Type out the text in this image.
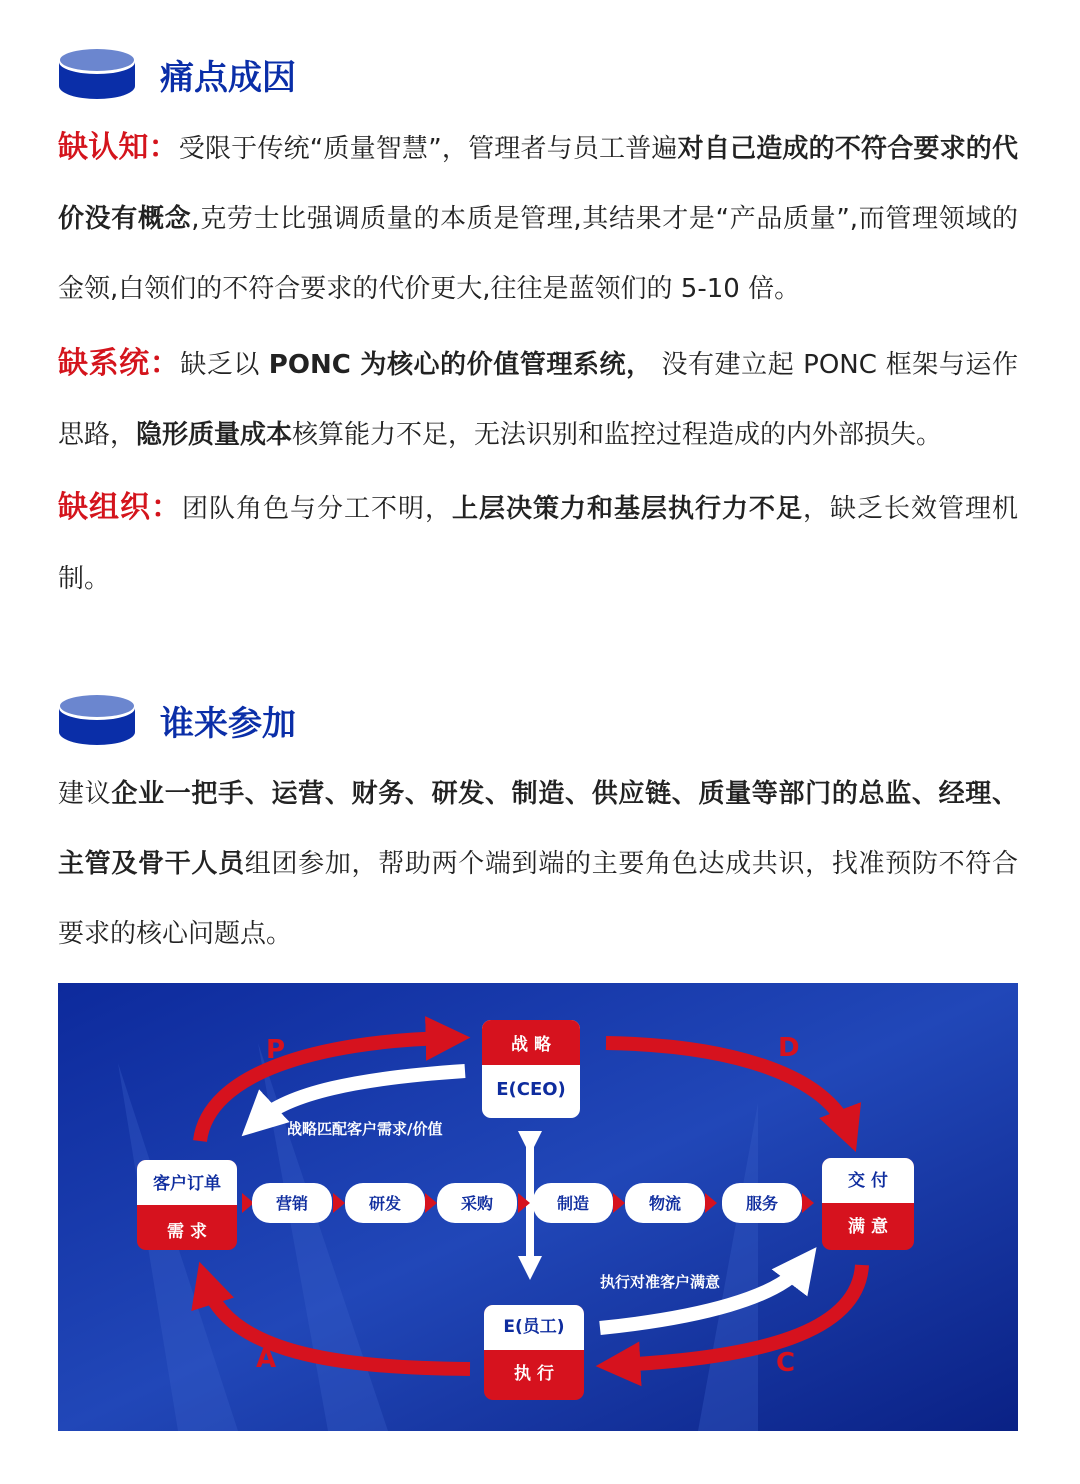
痛点成因

缺认知：受限于传统“质量智慧”，管理者与员工普遍对自己造成的不符合要求的代价没有概念,克劳士比强调质量的本质是管理,其结果才是“产品质量”,而管理领域的金领,白领们的不符合要求的代价更大,往往是蓝领们的 5-10 倍。

缺系统：缺乏以 PONC 为核心的价值管理系统， 没有建立起 PONC 框架与运作思路，隐形质量成本核算能力不足，无法识别和监控过程造成的内外部损失。

缺组织：团队角色与分工不明，上层决策力和基层执行力不足，缺乏长效管理机制。

谁来参加

建议企业一把手、运营、财务、研发、制造、供应链、质量等部门的总监、经理、主管及骨干人员组团参加，帮助两个端到端的主要角色达成共识，找准预防不符合要求的核心问题点。

P	D
C
A
战略匹配客户需求/价值
执行对准客户满意
营销	研发	采购	制造	物流	服务
战 略
E(CEO)
客户订单
需 求
交 付
满 意
E(员工)
执 行
